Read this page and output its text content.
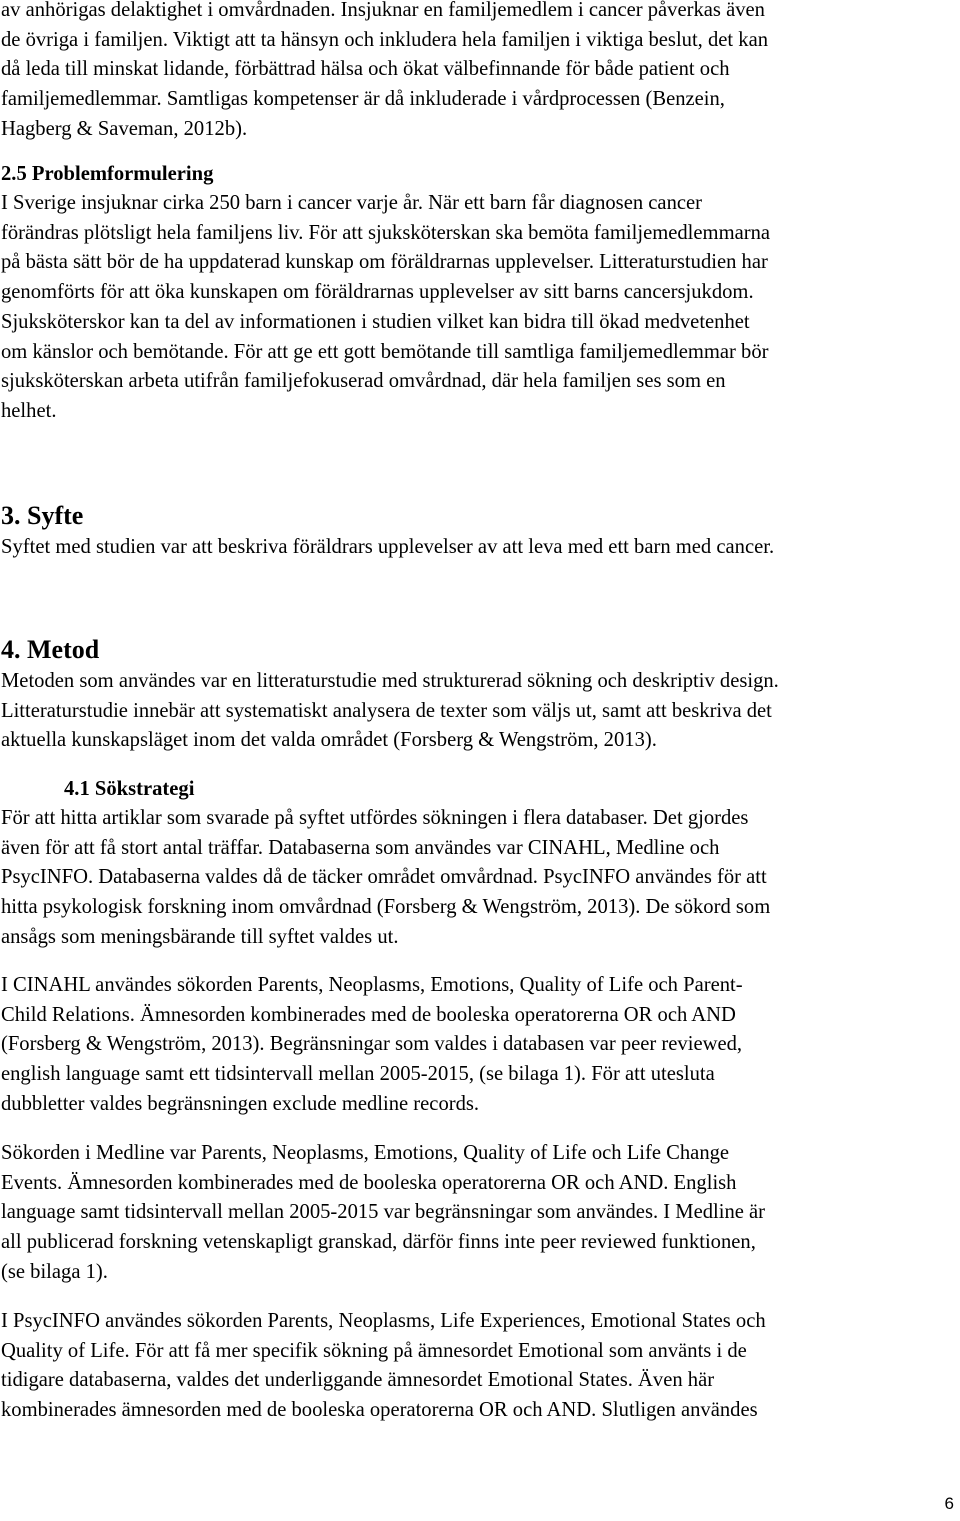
av anhörigas delaktighet i omvårdnaden. Insjuknar en familjemedlem i cancer påverkas även
de övriga i familjen. Viktigt att ta hänsyn och inkludera hela familjen i viktiga beslut, det kan
då leda till minskat lidande, förbättrad hälsa och ökat välbefinnande för både patient och
familjemedlemmar. Samtligas kompetenser är då inkluderade i vårdprocessen (Benzein,
Hagberg & Saveman, 2012b).

2.5 Problemformulering

I Sverige insjuknar cirka 250 barn i cancer varje år. När ett barn får diagnosen cancer
förändras plötsligt hela familjens liv. För att sjuksköterskan ska bemöta familjemedlemmarna
på bästa sätt bör de ha uppdaterad kunskap om föräldrarnas upplevelser. Litteraturstudien har
genomförts för att öka kunskapen om föräldrarnas upplevelser av sitt barns cancersjukdom.
Sjuksköterskor kan ta del av informationen i studien vilket kan bidra till ökad medvetenhet
om känslor och bemötande. För att ge ett gott bemötande till samtliga familjemedlemmar bör
sjuksköterskan arbeta utifrån familjefokuserad omvårdnad, där hela familjen ses som en
helhet.

3. Syfte

Syftet med studien var att beskriva föräldrars upplevelser av att leva med ett barn med cancer.

4. Metod

Metoden som användes var en litteraturstudie med strukturerad sökning och deskriptiv design.
Litteraturstudie innebär att systematiskt analysera de texter som väljs ut, samt att beskriva det
aktuella kunskapsläget inom det valda området (Forsberg & Wengström, 2013).

4.1 Sökstrategi

För att hitta artiklar som svarade på syftet utfördes sökningen i flera databaser. Det gjordes
även för att få stort antal träffar. Databaserna som användes var CINAHL, Medline och
PsycINFO. Databaserna valdes då de täcker området omvårdnad. PsycINFO användes för att
hitta psykologisk forskning inom omvårdnad (Forsberg & Wengström, 2013). De sökord som
ansågs som meningsbärande till syftet valdes ut.

I CINAHL användes sökorden Parents, Neoplasms, Emotions, Quality of Life och Parent-
Child Relations. Ämnesorden kombinerades med de booleska operatorerna OR och AND
(Forsberg & Wengström, 2013). Begränsningar som valdes i databasen var peer reviewed,
english language samt ett tidsintervall mellan 2005-2015, (se bilaga 1). För att utesluta
dubbletter valdes begränsningen exclude medline records.

Sökorden i Medline var Parents, Neoplasms, Emotions, Quality of Life och Life Change
Events. Ämnesorden kombinerades med de booleska operatorerna OR och AND. English
language samt tidsintervall mellan 2005-2015 var begränsningar som användes. I Medline är
all publicerad forskning vetenskapligt granskad, därför finns inte peer reviewed funktionen,
(se bilaga 1).

I PsycINFO användes sökorden Parents, Neoplasms, Life Experiences, Emotional States och
Quality of Life. För att få mer specifik sökning på ämnesordet Emotional som använts i de
tidigare databaserna, valdes det underliggande ämnesordet Emotional States. Även här
kombinerades ämnesorden med de booleska operatorerna OR och AND. Slutligen användes

6
